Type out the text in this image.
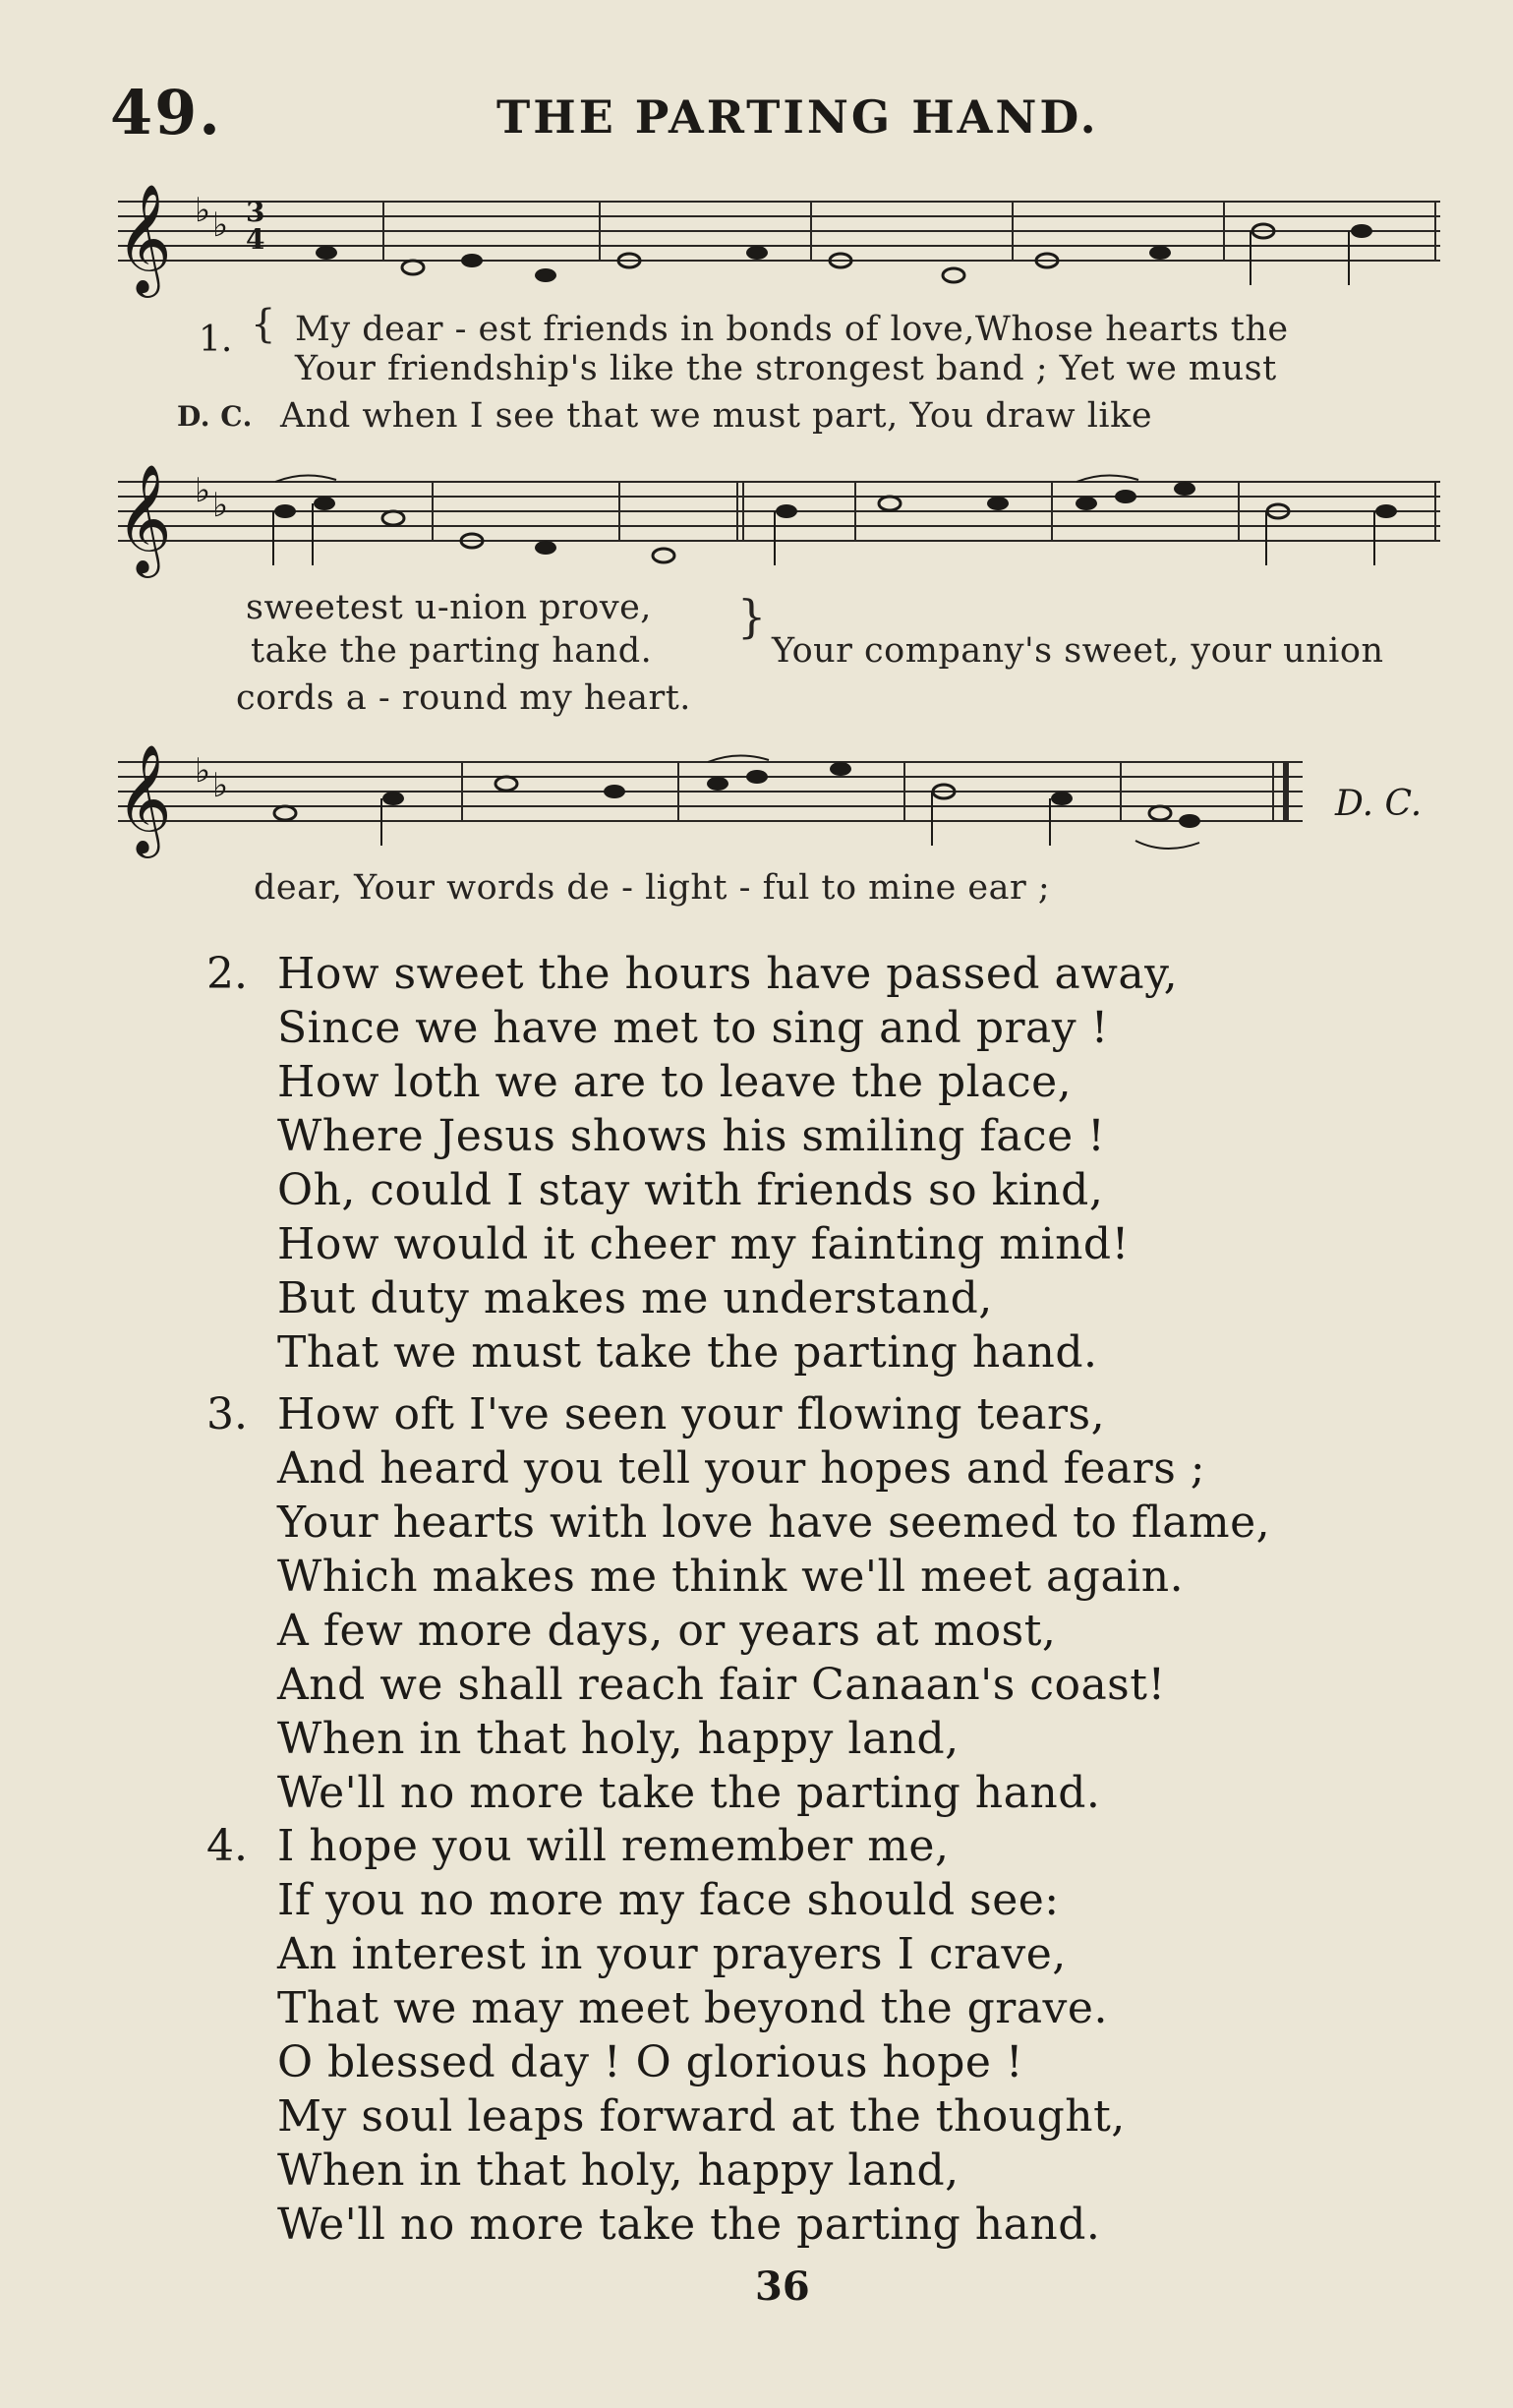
49.	THE PARTING HAND.
𝄞 ♭ ♭ 3
4
1. { My dear - est friends in bonds of love,Whose hearts the
Your friendship's like the strongest band ; Yet we must
D. C. And when I see that we must part, You draw like
𝄞 ♭ ♭
sweetest u-nion prove, }
take the parting hand.	Your company's sweet, your union
cords a - round my heart.
𝄞 ♭ ♭	D. C.
dear, Your words de - light - ful to mine ear ;
2. How sweet the hours have passed away,
Since we have met to sing and pray !
How loth we are to leave the place,
Where Jesus shows his smiling face !
Oh, could I stay with friends so kind,
How would it cheer my fainting mind!
But duty makes me understand,
That we must take the parting hand.
3. How oft I've seen your flowing tears,
And heard you tell your hopes and fears ;
Your hearts with love have seemed to flame,
Which makes me think we'll meet again.
A few more days, or years at most,
And we shall reach fair Canaan's coast!
When in that holy, happy land,
We'll no more take the parting hand.
4. I hope you will remember me,
If you no more my face should see:
An interest in your prayers I crave,
That we may meet beyond the grave.
O blessed day ! O glorious hope !
My soul leaps forward at the thought,
When in that holy, happy land,
We'll no more take the parting hand.
36
